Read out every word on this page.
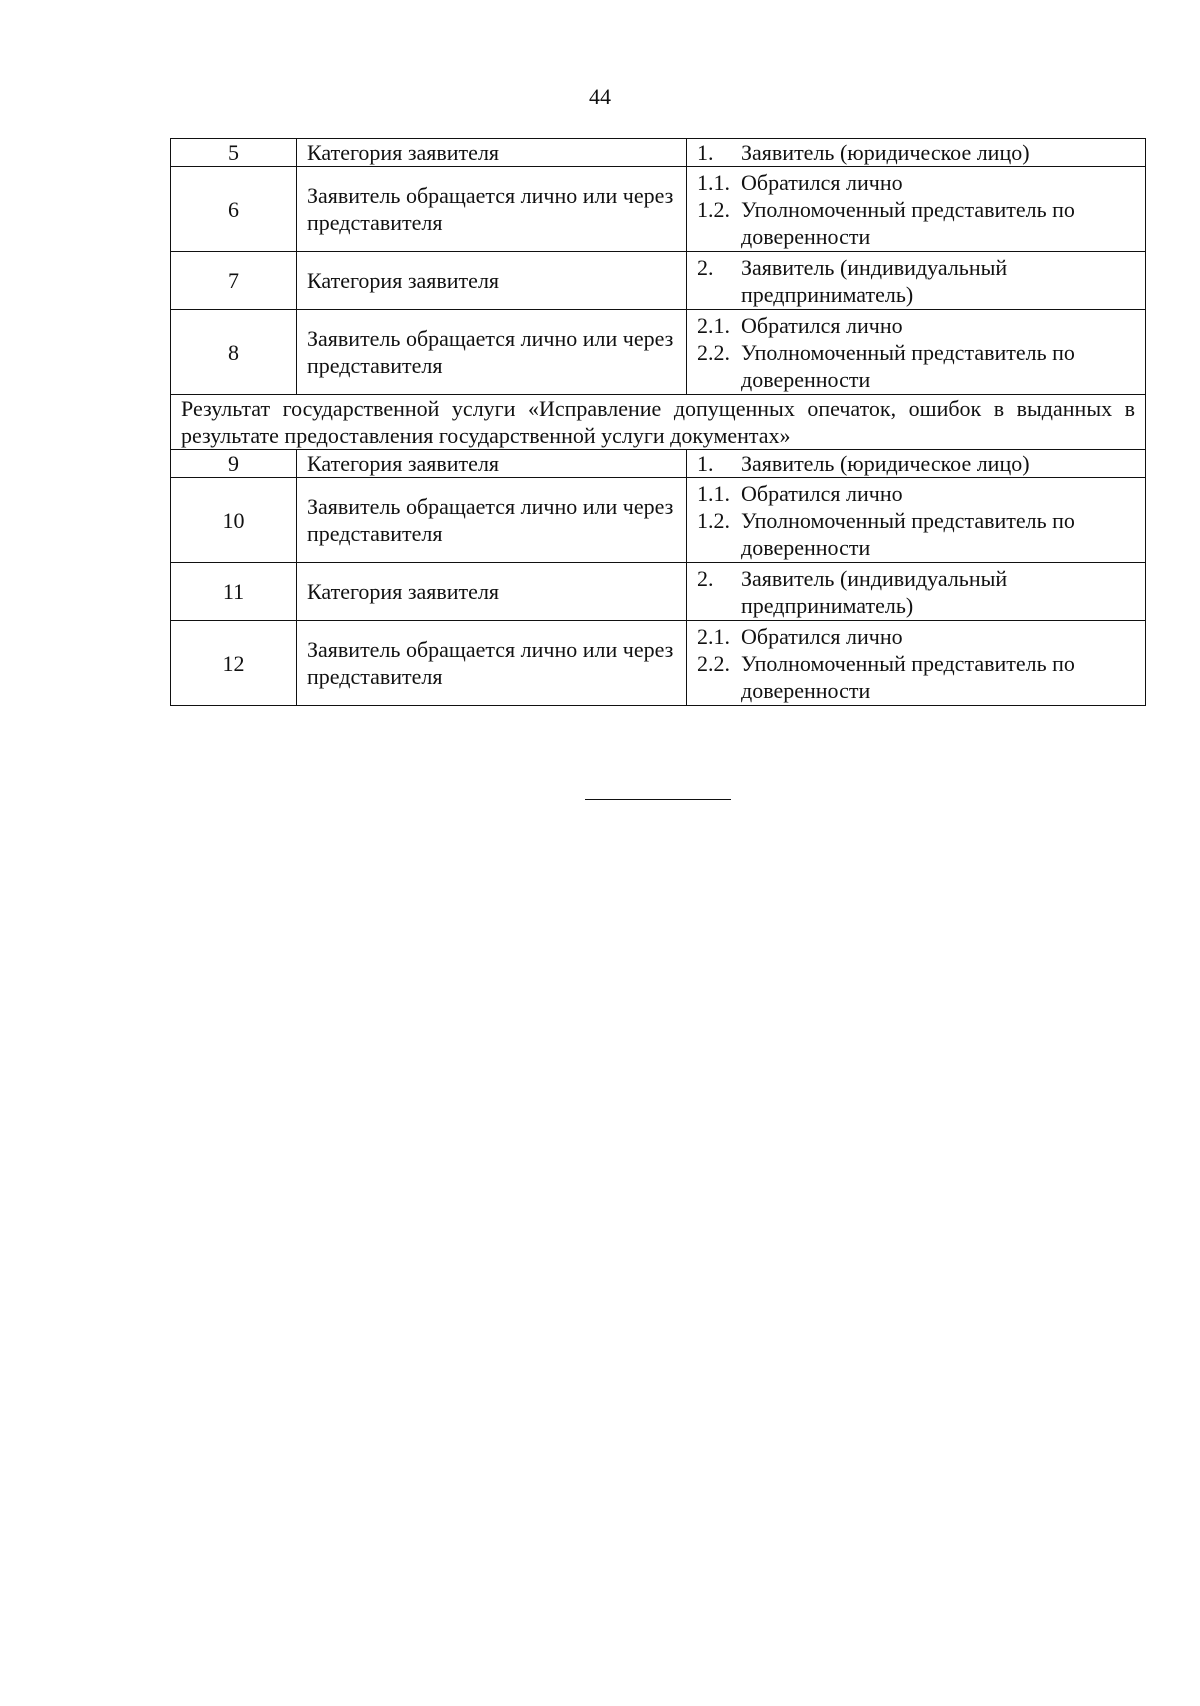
44
5	Категория заявителя	1. Заявитель (юридическое лицо)

6	Заявитель обращается лично или через представителя	1.1. Обратился лично
1.2. Уполномоченный представитель по доверенности

7	Категория заявителя	2. Заявитель (индивидуальный предприниматель)

8	Заявитель обращается лично или через представителя	2.1. Обратился лично
2.2. Уполномоченный представитель по доверенности

Результат государственной услуги «Исправление допущенных опечаток, ошибок в выданных в результате предоставления государственной услуги документах»		
9	Категория заявителя	1. Заявитель (юридическое лицо)

10	Заявитель обращается лично или через представителя	1.1. Обратился лично
1.2. Уполномоченный представитель по доверенности

11	Категория заявителя	2. Заявитель (индивидуальный предприниматель)

12	Заявитель обращается лично или через представителя	2.1. Обратился лично
2.2. Уполномоченный представитель по доверенности
